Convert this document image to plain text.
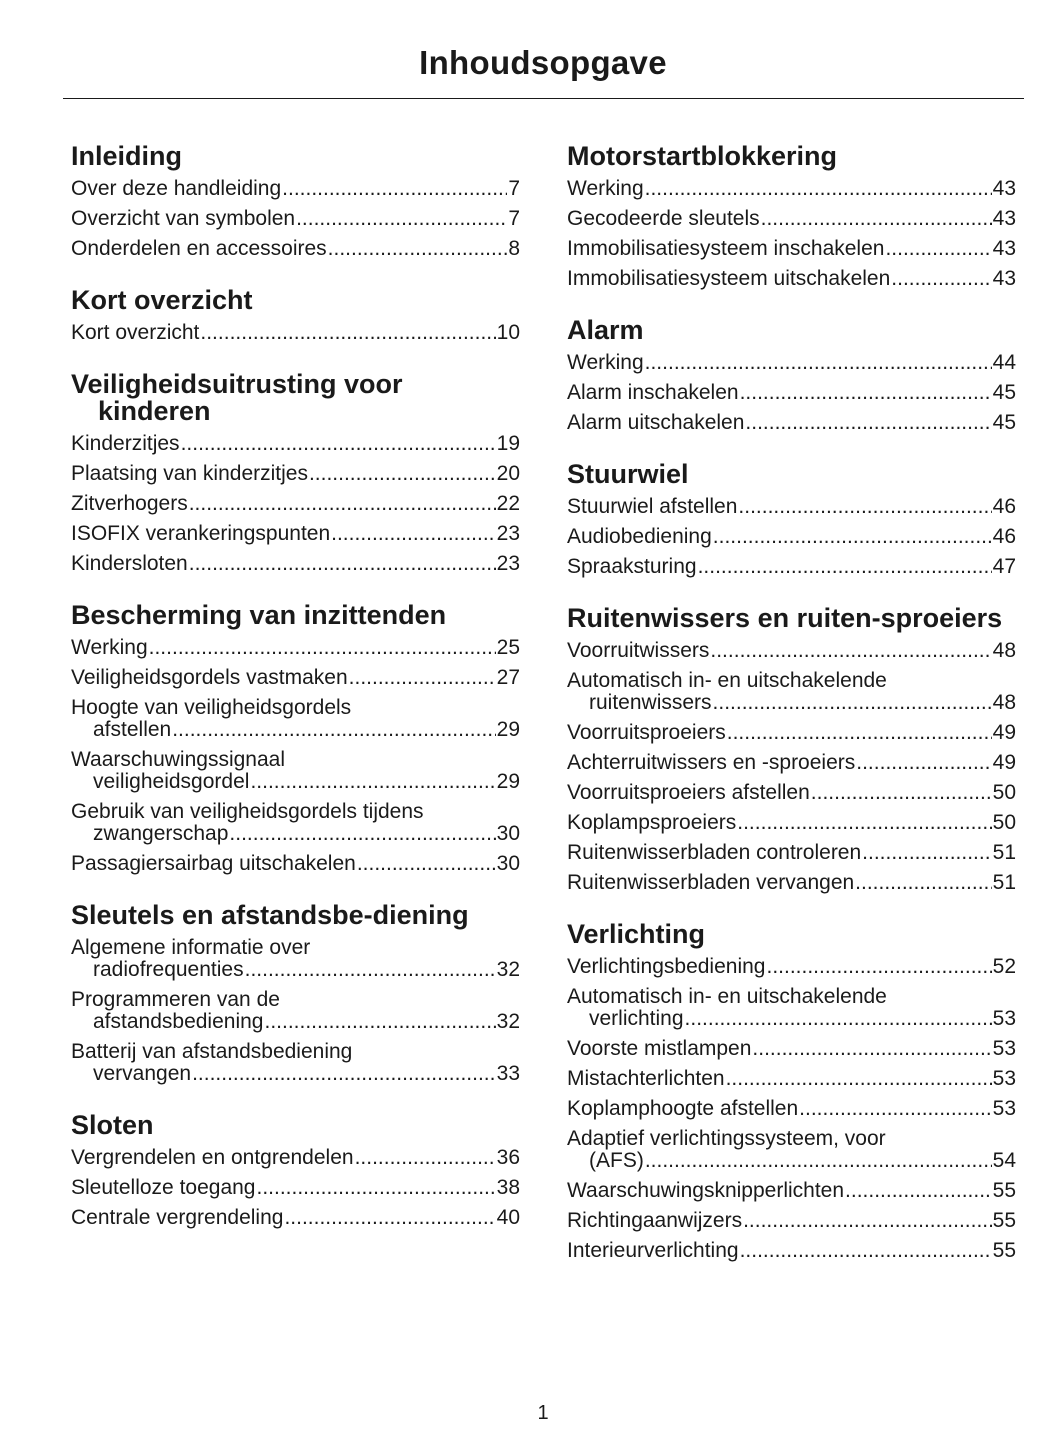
Inhoudsopgave
Inleiding
Over deze handleiding .....	7
Overzicht van symbolen .....	7
Onderdelen en accessoires .....	8
Kort overzicht
Kort overzicht .....	10
Veiligheidsuitrusting voor kinderen
Kinderzitjes .....	19
Plaatsing van kinderzitjes .....	20
Zitverhogers .....	22
ISOFIX verankeringspunten .....	23
Kindersloten .....	23
Bescherming van inzittenden
Werking .....	25
Veiligheidsgordels vastmaken .....	27
Hoogte van veiligheidsgordels
afstellen .....	29
Waarschuwingssignaal
veiligheidsgordel .....	29
Gebruik van veiligheidsgordels tijdens
zwangerschap .....	30
Passagiersairbag uitschakelen .....	30
Sleutels en afstandsbe-diening
Algemene informatie over
radiofrequenties .....	32
Programmeren van de
afstandsbediening .....	32
Batterij van afstandsbediening
vervangen .....	33
Sloten
Vergrendelen en ontgrendelen .....	36
Sleutelloze toegang .....	38
Centrale vergrendeling .....	40
Motorstartblokkering
Werking .....	43
Gecodeerde sleutels .....	43
Immobilisatiesysteem inschakelen .....	43
Immobilisatiesysteem uitschakelen .....	43
Alarm
Werking .....	44
Alarm inschakelen .....	45
Alarm uitschakelen .....	45
Stuurwiel
Stuurwiel afstellen .....	46
Audiobediening .....	46
Spraaksturing .....	47
Ruitenwissers en ruiten-sproeiers
Voorruitwissers .....	48
Automatisch in- en uitschakelende
ruitenwissers .....	48
Voorruitsproeiers .....	49
Achterruitwissers en -sproeiers .....	49
Voorruitsproeiers afstellen .....	50
Koplampsproeiers .....	50
Ruitenwisserbladen controleren .....	51
Ruitenwisserbladen vervangen .....	51
Verlichting
Verlichtingsbediening .....	52
Automatisch in- en uitschakelende
verlichting .....	53
Voorste mistlampen .....	53
Mistachterlichten .....	53
Koplamphoogte afstellen .....	53
Adaptief verlichtingssysteem, voor
(AFS) .....	54
Waarschuwingsknipperlichten .....	55
Richtingaanwijzers .....	55
Interieurverlichting .....	55
1
